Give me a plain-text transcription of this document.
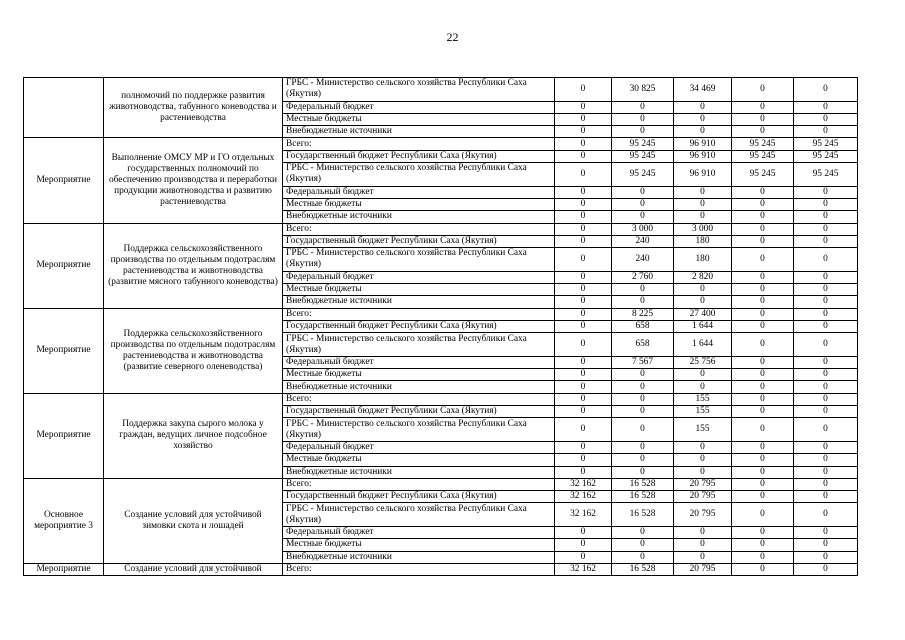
22
	полномочий по поддержке развития животноводства, табунного коневодства и растениеводства	ГРБС - Министерство сельского хозяйства Республики Саха (Якутия)	0	30 825	34 469	0	0
		Федеральный бюджет	0	0	0	0	0
		Местные бюджеты	0	0	0	0	0
		Внебюджетные источники	0	0	0	0	0
Мероприятие	Выполнение ОМСУ МР и ГО отдельных государственных полномочий по обеспечению производства и переработки продукции животноводства и развитию растениеводства	Всего:	0	95 245	96 910	95 245	95 245
		Государственный бюджет Республики Саха (Якутия)	0	95 245	96 910	95 245	95 245
		ГРБС - Министерство сельского хозяйства Республики Саха (Якутия)	0	95 245	96 910	95 245	95 245
		Федеральный бюджет	0	0	0	0	0
		Местные бюджеты	0	0	0	0	0
		Внебюджетные источники	0	0	0	0	0
Мероприятие	Поддержка сельскохозяйственного производства по отдельным подотраслям растениеводства и животноводства (развитие мясного табунного коневодства)	Всего:	0	3 000	3 000	0	0
		Государственный бюджет Республики Саха (Якутия)	0	240	180	0	0
		ГРБС - Министерство сельского хозяйства Республики Саха (Якутия)	0	240	180	0	0
		Федеральный бюджет	0	2 760	2 820	0	0
		Местные бюджеты	0	0	0	0	0
		Внебюджетные источники	0	0	0	0	0
Мероприятие	Поддержка сельскохозяйственного производства по отдельным подотраслям растениеводства и животноводства (развитие северного оленеводства)	Всего:	0	8 225	27 400	0	0
		Государственный бюджет Республики Саха (Якутия)	0	658	1 644	0	0
		ГРБС - Министерство сельского хозяйства Республики Саха (Якутия)	0	658	1 644	0	0
		Федеральный бюджет	0	7 567	25 756	0	0
		Местные бюджеты	0	0	0	0	0
		Внебюджетные источники	0	0	0	0	0
Мероприятие	Поддержка закупа сырого молока у граждан, ведущих личное подсобное хозяйство	Всего:	0	0	155	0	0
		Государственный бюджет Республики Саха (Якутия)	0	0	155	0	0
		ГРБС - Министерство сельского хозяйства Республики Саха (Якутия)	0	0	155	0	0
		Федеральный бюджет	0	0	0	0	0
		Местные бюджеты	0	0	0	0	0
		Внебюджетные источники	0	0	0	0	0
Основное мероприятие 3	Создание условий для устойчивой зимовки скота и лошадей	Всего:	32 162	16 528	20 795	0	0
		Государственный бюджет Республики Саха (Якутия)	32 162	16 528	20 795	0	0
		ГРБС - Министерство сельского хозяйства Республики Саха (Якутия)	32 162	16 528	20 795	0	0
		Федеральный бюджет	0	0	0	0	0
		Местные бюджеты	0	0	0	0	0
		Внебюджетные источники	0	0	0	0	0
Мероприятие	Создание условий для устойчивой	Всего:	32 162	16 528	20 795	0	0
